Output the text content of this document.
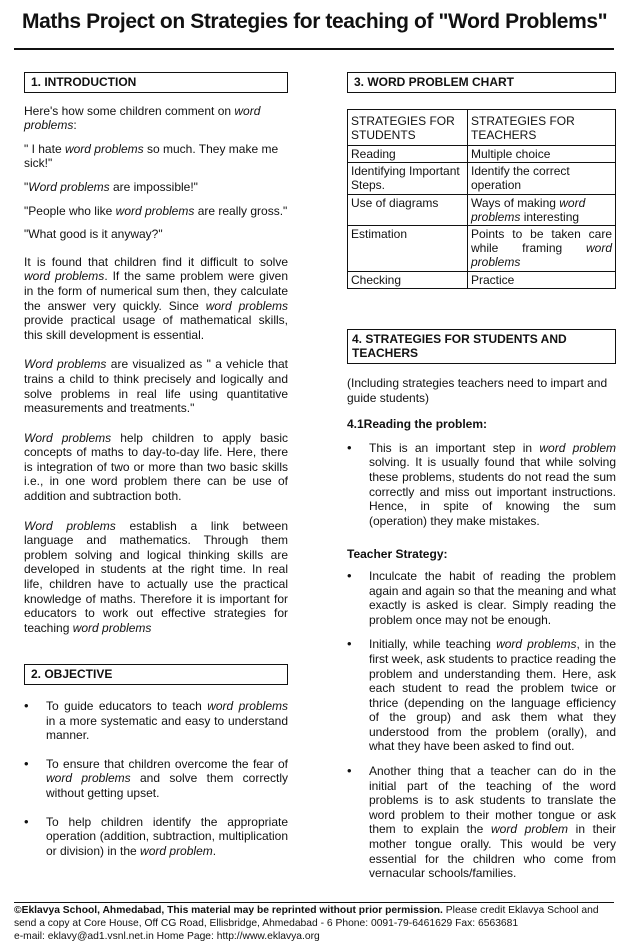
Maths Project on Strategies for teaching of "Word Problems"
1. INTRODUCTION

Here's how some children comment on word problems:

" I hate word problems so much. They make me sick!"

"Word problems are impossible!"

"People who like word problems are really gross."

"What good is it anyway?"

It is found that children find it difficult to solve word problems. If the same problem were given in the form of numerical sum then, they calculate the answer very quickly. Since word problems provide practical usage of mathematical skills, this skill development is essential.

Word problems are visualized as " a vehicle that trains a child to think precisely and logically and solve problems in real life using quantitative measurements and treatments."

Word problems help children to apply basic concepts of maths to day-to-day life. Here, there is integration of two or more than two basic skills i.e., in one word problem there can be use of addition and subtraction both.

Word problems establish a link between language and mathematics. Through them problem solving and logical thinking skills are developed in students at the right time. In real life, children have to actually use the practical knowledge of maths. Therefore it is important for educators to work out effective strategies for teaching word problems

2. OBJECTIVE
• To guide educators to teach word problems in a more systematic and easy to understand manner.
• To ensure that children overcome the fear of word problems and solve them correctly without getting upset.
• To help children identify the appropriate operation (addition, subtraction, multiplication or division) in the word problem.
3. WORD PROBLEM CHART
STRATEGIES FOR STUDENTS	STRATEGIES FOR TEACHERS
Reading	Multiple choice
Identifying Important Steps.	Identify the correct operation
Use of diagrams	Ways of making word problems interesting
Estimation	Points to be taken care while framing word problems
Checking	Practice
4. STRATEGIES FOR STUDENTS AND TEACHERS

(Including strategies teachers need to impart and guide students)

4.1Reading the problem:

• This is an important step in word problem solving. It is usually found that while solving these problems, students do not read the sum correctly and miss out important instructions. Hence, in spite of knowing the sum (operation) they make mistakes.

Teacher Strategy:

• Inculcate the habit of reading the problem again and again so that the meaning and what exactly is asked is clear. Simply reading the problem once may not be enough.
• Initially, while teaching word problems, in the first week, ask students to practice reading the problem and understanding them. Here, ask each student to read the problem twice or thrice (depending on the language efficiency of the group) and ask them what they understood from the problem (orally), and what they have been asked to find out.
• Another thing that a teacher can do in the initial part of the teaching of the word problems is to ask students to translate the word problem to their mother tongue or ask them to explain the word problem in their mother tongue orally. This would be very essential for the children who come from vernacular schools/families.
©Eklavya School, Ahmedabad, This material may be reprinted without prior permission. Please credit Eklavya School and
send a copy at Core House, Off CG Road, Ellisbridge, Ahmedabad - 6 Phone: 0091-79-6461629 Fax: 6563681
e-mail: eklavy@ad1.vsnl.net.in Home Page: http://www.eklavya.org
